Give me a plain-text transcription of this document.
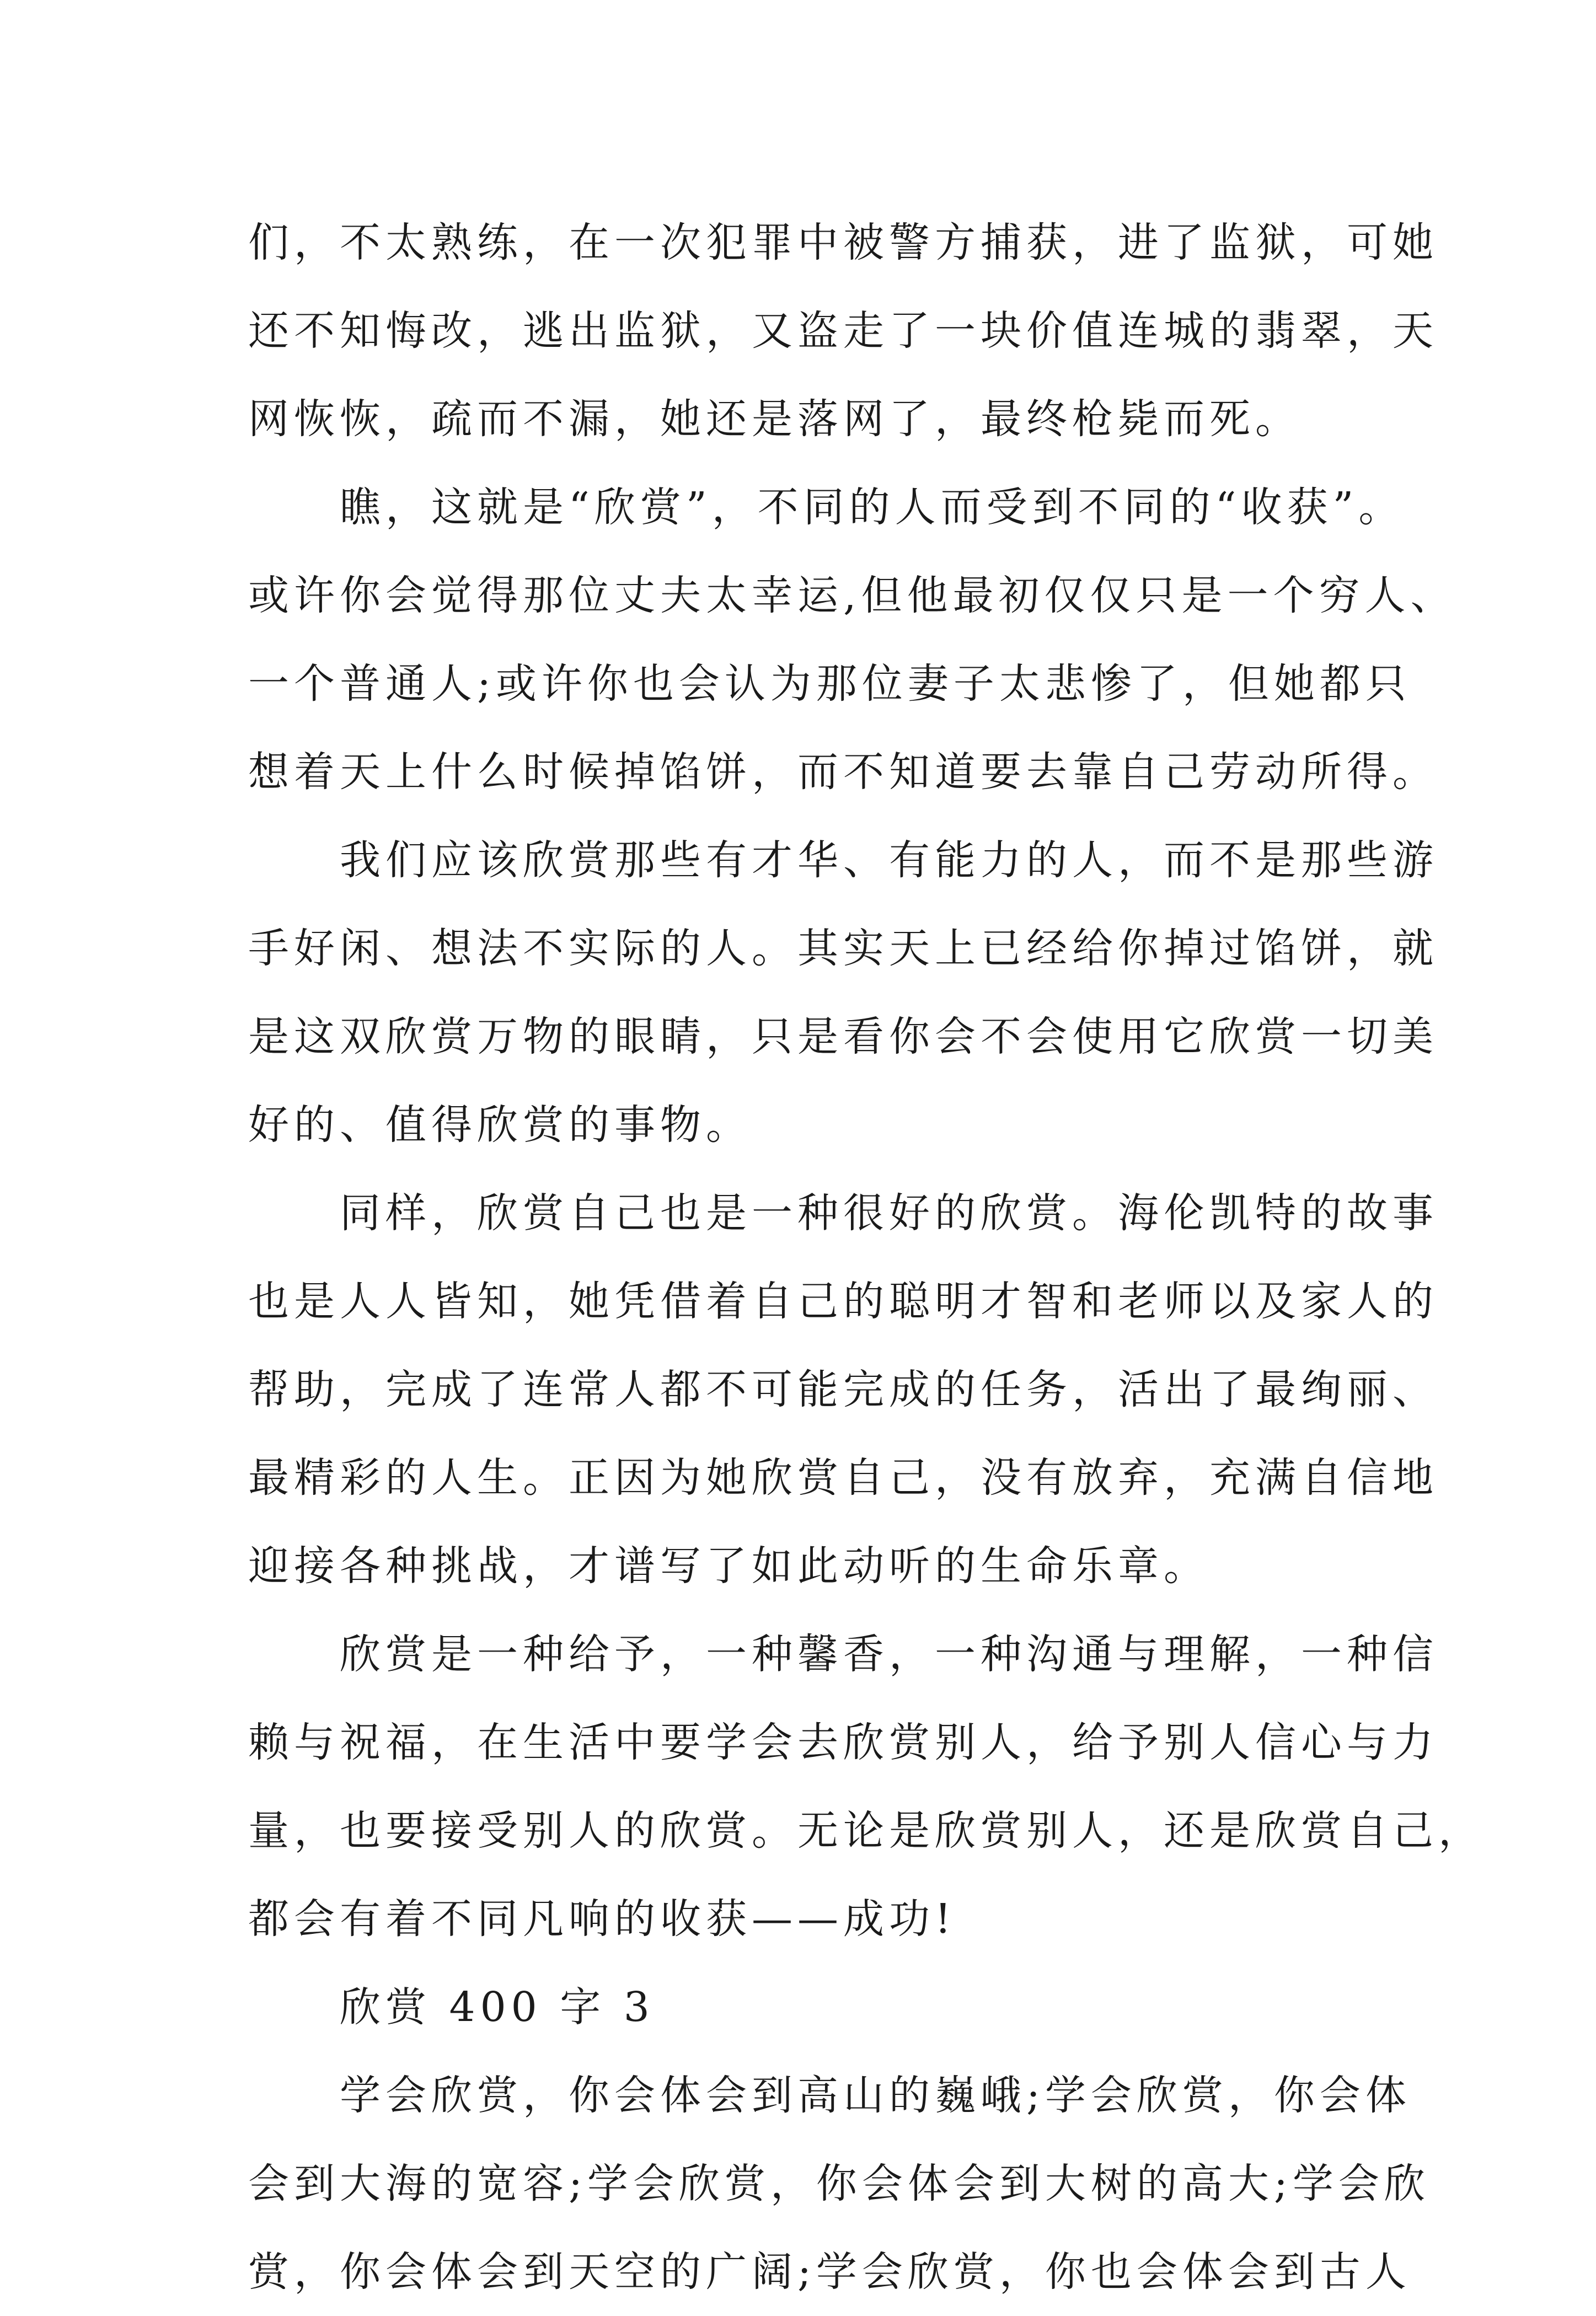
们，不太熟练，在一次犯罪中被警方捕获，进了监狱，可她
还不知悔改，逃出监狱，又盗走了一块价值连城的翡翠，天
网恢恢，疏而不漏，她还是落网了，最终枪毙而死。

瞧，这就是“欣赏”，不同的人而受到不同的“收获”。
或许你会觉得那位丈夫太幸运,但他最初仅仅只是一个穷人、
一个普通人;或许你也会认为那位妻子太悲惨了，但她都只
想着天上什么时候掉馅饼，而不知道要去靠自己劳动所得。

我们应该欣赏那些有才华、有能力的人，而不是那些游
手好闲、想法不实际的人。其实天上已经给你掉过馅饼，就
是这双欣赏万物的眼睛，只是看你会不会使用它欣赏一切美
好的、值得欣赏的事物。

同样，欣赏自己也是一种很好的欣赏。海伦凯特的故事
也是人人皆知，她凭借着自己的聪明才智和老师以及家人的
帮助，完成了连常人都不可能完成的任务，活出了最绚丽、
最精彩的人生。正因为她欣赏自己，没有放弃，充满自信地
迎接各种挑战，才谱写了如此动听的生命乐章。

欣赏是一种给予，一种馨香，一种沟通与理解，一种信
赖与祝福，在生活中要学会去欣赏别人，给予别人信心与力
量，也要接受别人的欣赏。无论是欣赏别人，还是欣赏自己，
都会有着不同凡响的收获——成功!

欣赏 400 字 3

学会欣赏，你会体会到高山的巍峨;学会欣赏，你会体
会到大海的宽容;学会欣赏，你会体会到大树的高大;学会欣
赏，你会体会到天空的广阔;学会欣赏，你也会体会到古人
